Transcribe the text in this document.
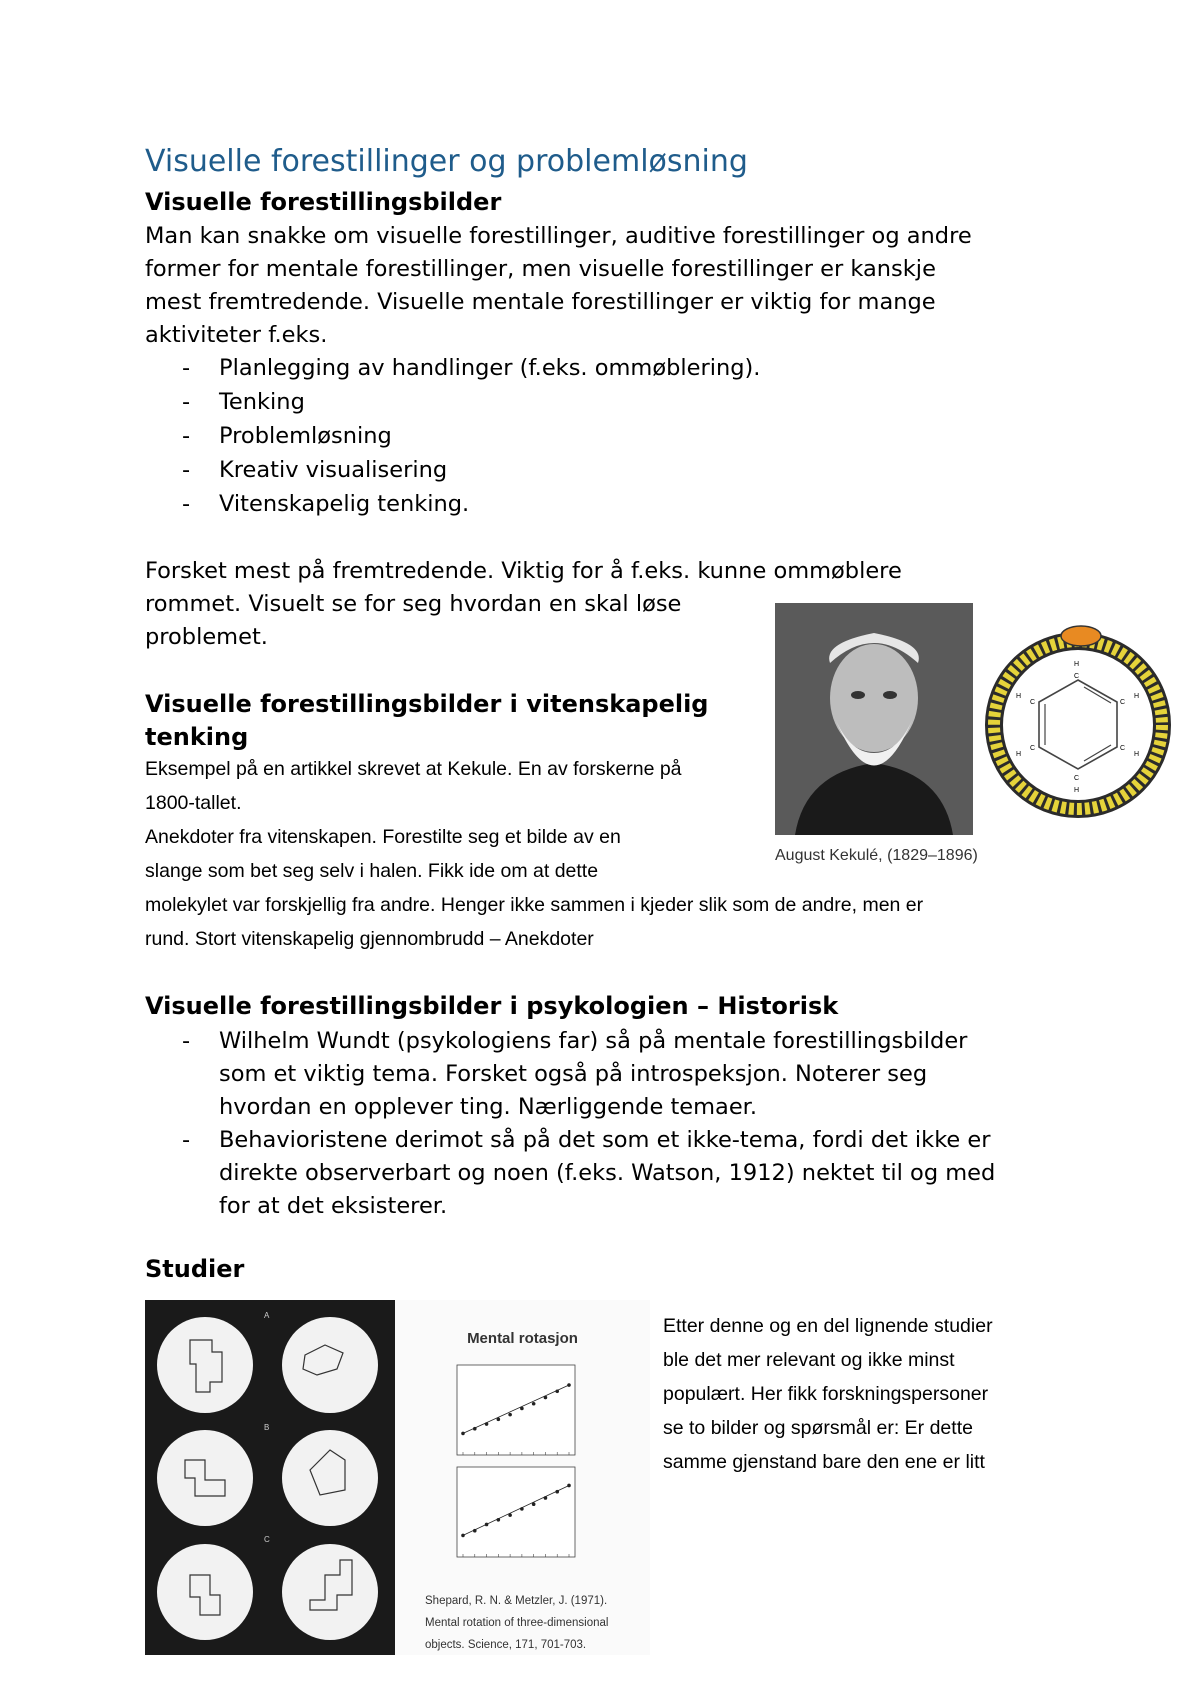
Visuelle forestillinger og problemløsning
Visuelle forestillingsbilder
Man kan snakke om visuelle forestillinger, auditive forestillinger og andre
former for mentale forestillinger, men visuelle forestillinger er kanskje
mest fremtredende. Visuelle mentale forestillinger er viktig for mange
aktiviteter f.eks.
- Planlegging av handlinger (f.eks. ommøblering).
- Tenking
- Problemløsning
- Kreativ visualisering
- Vitenskapelig tenking.
Forsket mest på fremtredende. Viktig for å f.eks. kunne ommøblere
rommet. Visuelt se for seg hvordan en skal løse
problemet.
August Kekulé, (1829–1896)
C
H
C
H
C
H
C
H
C
H
C
H
Visuelle forestillingsbilder i vitenskapelig
tenking
Eksempel på en artikkel skrevet at Kekule. En av forskerne på
1800-tallet.
Anekdoter fra vitenskapen. Forestilte seg et bilde av en
slange som bet seg selv i halen. Fikk ide om at dette
molekylet var forskjellig fra andre. Henger ikke sammen i kjeder slik som de andre, men er
rund. Stort vitenskapelig gjennombrudd – Anekdoter
Visuelle forestillingsbilder i psykologien – Historisk
- Wilhelm Wundt (psykologiens far) så på mentale forestillingsbilder
som et viktig tema. Forsket også på introspeksjon. Noterer seg
hvordan en opplever ting. Nærliggende temaer.
- Behavioristene derimot så på det som et ikke-tema, fordi det ikke er
direkte observerbart og noen (f.eks. Watson, 1912) nektet til og med
for at det eksisterer.
Studier
A
B
C
Mental rotasjon
Shepard, R. N. & Metzler, J. (1971).
Mental rotation of three-dimensional
objects. Science, 171, 701-703.
Etter denne og en del lignende studier
ble det mer relevant og ikke minst
populært. Her fikk forskningspersoner
se to bilder og spørsmål er: Er dette
samme gjenstand bare den ene er litt
